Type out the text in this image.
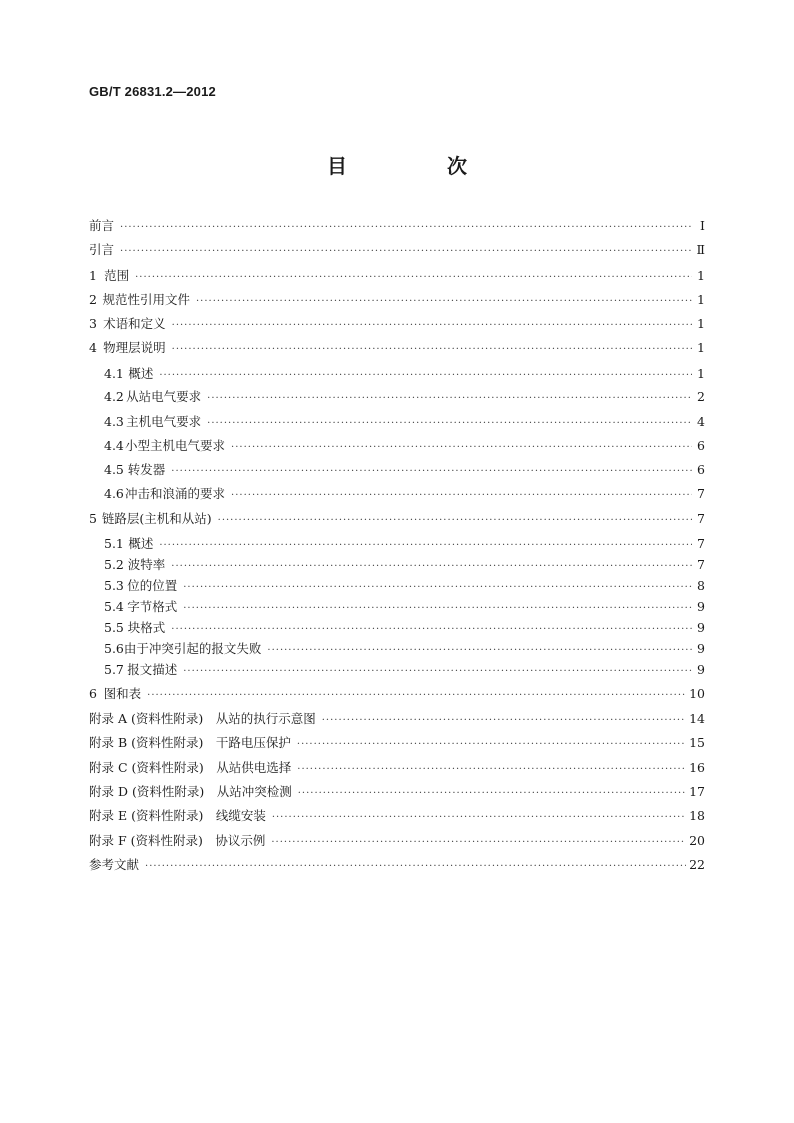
GB/T 26831.2—2012
目　次
前言 ·····	Ⅰ
引言 ·····	Ⅱ
1 范围 ·····	1
2 规范性引用文件 ·····	1
3 术语和定义 ·····	1
4 物理层说明 ·····	1
4.1 概述 ·····	1
4.2 从站电气要求 ·····	2
4.3 主机电气要求 ·····	4
4.4 小型主机电气要求 ·····	6
4.5 转发器 ·····	6
4.6 冲击和浪涌的要求 ·····	7
5 链路层(主机和从站) ·····	7
5.1 概述 ·····	7
5.2 波特率 ·····	7
5.3 位的位置 ·····	8
5.4 字节格式 ·····	9
5.5 块格式 ·····	9
5.6 由于冲突引起的报文失败 ·····	9
5.7 报文描述 ·····	9
6 图和表 ·····	10
附录 A (资料性附录)　从站的执行示意图 ·····	14
附录 B (资料性附录)　干路电压保护 ·····	15
附录 C (资料性附录)　从站供电选择 ·····	16
附录 D (资料性附录)　从站冲突检测 ·····	17
附录 E (资料性附录)　线缆安装 ·····	18
附录 F (资料性附录)　协议示例 ·····	20
参考文献 ·····	22
